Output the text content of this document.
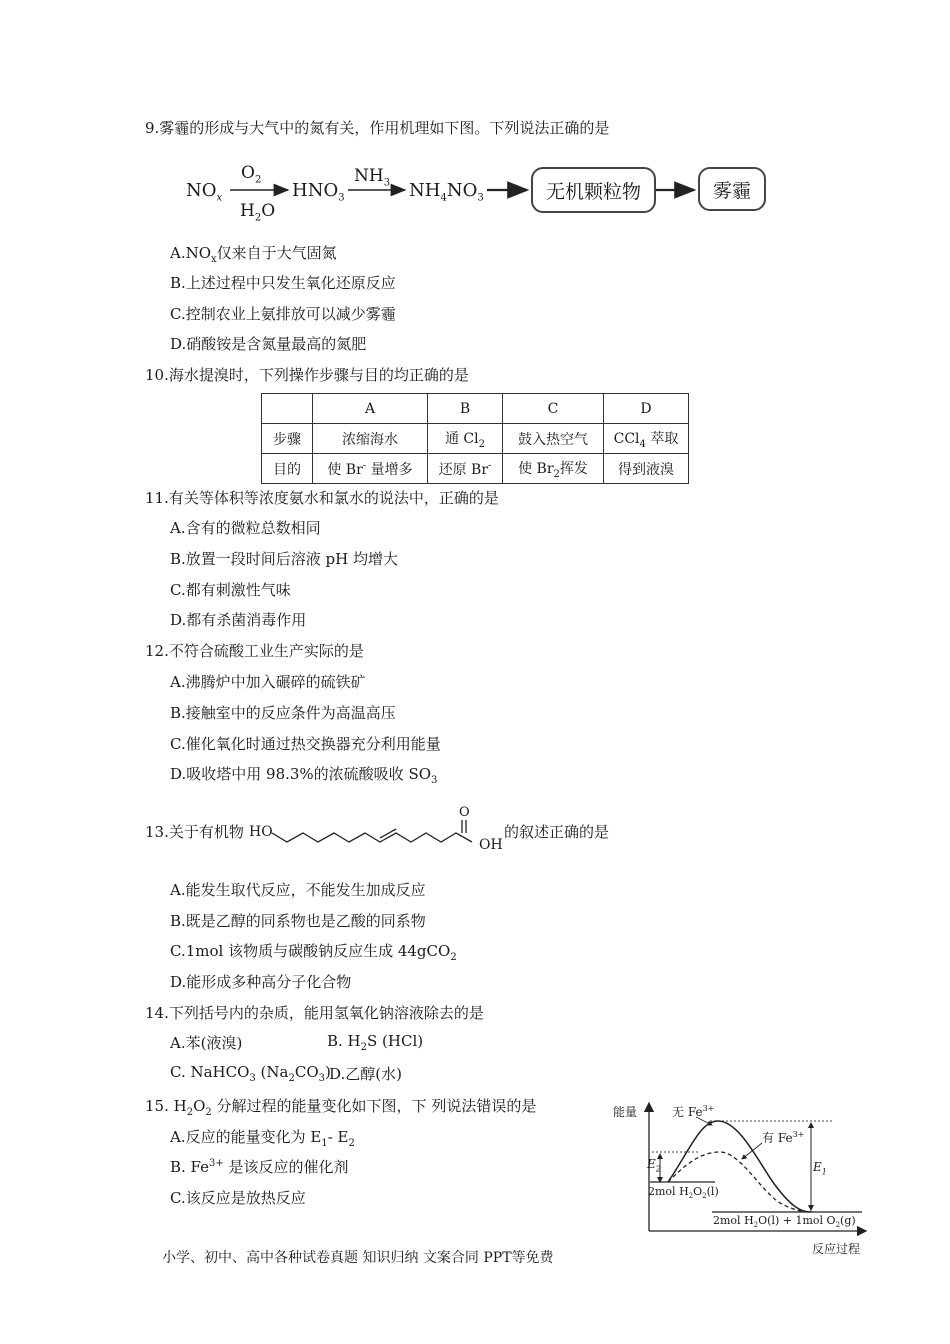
9.雾霾的形成与大气中的氮有关，作用机理如下图。下列说法正确的是
$NO_x$
$O_2$
$H_2O$
$HNO_3$
$NH_3$ $NH_4NO_3$	无机颗粒物	雾霾
$A.NO_x$仅来自于大气固氮
B.上述过程中只发生氧化还原反应
C.控制农业上氨排放可以减少雾霾
D.硝酸铵是含氮量最高的氮肥
10.海水提溴时，下列操作步骤与目的均正确的是
	A	B	C	D
步骤	浓缩海水	通 $Cl_2$	鼓入热空气	CCl$_4$ 萃取
目的	使 Br- 量增多	还原 Br-	使 $Br_2$挥发	得到液溴
11.有关等体积等浓度氨水和氯水的说法中，正确的是
A.含有的微粒总数相同
B.放置一段时间后溶液 pH 均增大
C.都有刺激性气味
D.都有杀菌消毒作用
12.不符合硫酸工业生产实际的是
A.沸腾炉中加入碾碎的硫铁矿
B.接触室中的反应条件为高温高压
C.催化氧化时通过热交换器充分利用能量
D.吸收塔中用 98.3%的浓硫酸吸收 $SO_3$
13.关于有机物 HO
O
OH
的叙述正确的是
A.能发生取代反应，不能发生加成反应
B.既是乙醇的同系物也是乙酸的同系物
C.1mol 该物质与碳酸钠反应生成 44gCO$_2$
D.能形成多种高分子化合物
14.下列括号内的杂质，能用氢氧化钠溶液除去的是
A.苯(液溴)	B. $H_2S$ (HCl)
C. NaHCO$_3$ $(Na_2CO_3)$
D.乙醇(水)
15. $H_2O_2$ 分解过程的能量变化如下图，下 列说法错误的是
A.反应的能量变化为 $E_1-$ $E_2$
B. $Fe^{3+}$ 是该反应的催化剂
C.该反应是放热反应
能量
反应过程
无 $Fe^{3+}$
有 $Fe^{3+}$
$E_2$	$E_1$
2mol $H_2O_2(l)$
2mol $H_2O(l) + 1mol$ $O_2(g)$
小学、初中、高中各种试卷真题 知识归纳 文案合同 PPT等免费
